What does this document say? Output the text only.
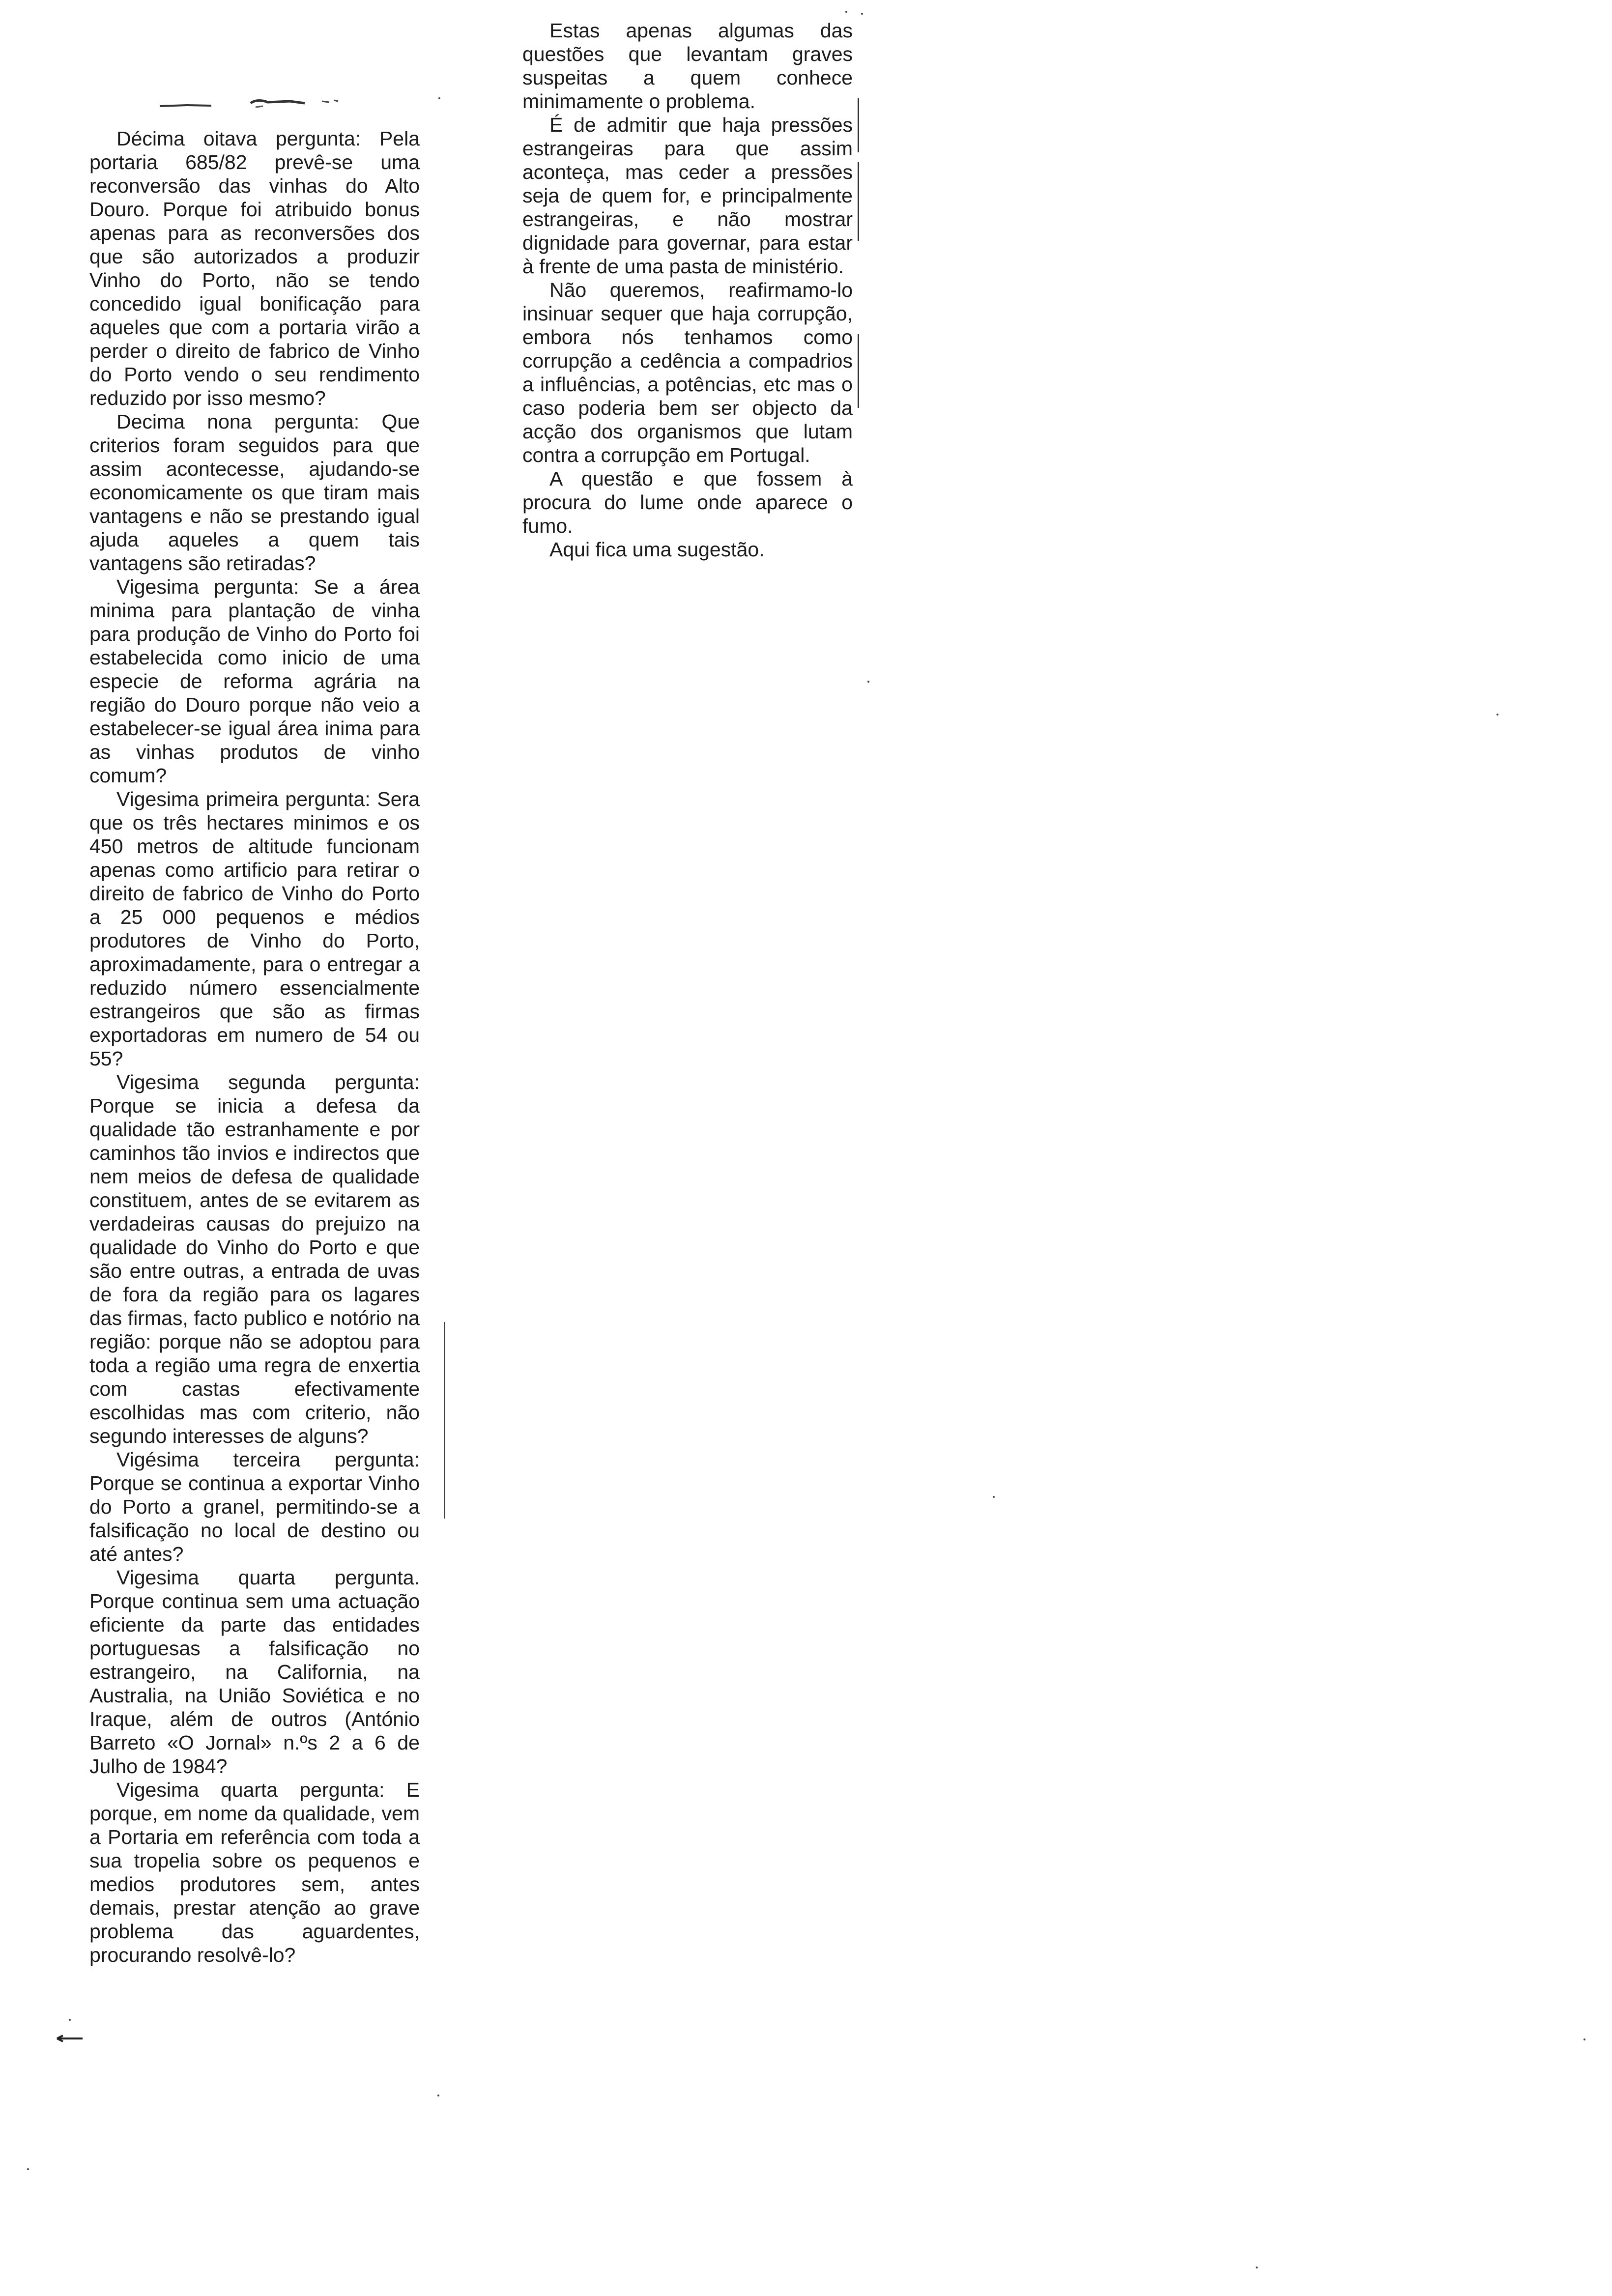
Décima oitava pergunta: Pela portaria 685/82 prevê-se uma reconversão das vinhas do Alto Douro. Porque foi atribuido bonus apenas para as reconversões dos que são autorizados a produzir Vinho do Porto, não se tendo concedido igual bonificação para aqueles que com a portaria virão a perder o direito de fabrico de Vinho do Porto vendo o seu rendimento reduzido por isso mesmo?

Decima nona pergunta: Que criterios foram seguidos para que assim acontecesse, ajudando-se economicamente os que tiram mais vantagens e não se prestando igual ajuda aqueles a quem tais vantagens são retiradas?

Vigesima pergunta: Se a área minima para plantação de vinha para produção de Vinho do Porto foi estabelecida como inicio de uma especie de reforma agrária na região do Douro porque não veio a estabelecer-se igual área inima para as vinhas produtos de vinho comum?

Vigesima primeira pergunta: Sera que os três hectares minimos e os 450 metros de altitude funcionam apenas como artificio para retirar o direito de fabrico de Vinho do Porto a 25 000 pequenos e médios produtores de Vinho do Porto, aproximadamente, para o entregar a reduzido número essencialmente estrangeiros que são as firmas exportadoras em numero de 54 ou 55?

Vigesima segunda pergunta: Porque se inicia a defesa da qualidade tão estranhamente e por caminhos tão invios e indirectos que nem meios de defesa de qualidade constituem, antes de se evitarem as verdadeiras causas do prejuizo na qualidade do Vinho do Porto e que são entre outras, a entrada de uvas de fora da região para os lagares das firmas, facto publico e notório na região: porque não se adoptou para toda a região uma regra de enxertia com castas efectivamente escolhidas mas com criterio, não segundo interesses de alguns?

Vigésima terceira pergunta: Porque se continua a exportar Vinho do Porto a granel, permitindo-se a falsificação no local de destino ou até antes?

Vigesima quarta pergunta. Porque continua sem uma actuação eficiente da parte das entidades portuguesas a falsificação no estrangeiro, na California, na Australia, na União Soviética e no Iraque, além de outros (António Barreto «O Jornal» n.ºs 2 a 6 de Julho de 1984?

Vigesima quarta pergunta: E porque, em nome da qualidade, vem a Portaria em referência com toda a sua tropelia sobre os pequenos e medios produtores sem, antes demais, prestar atenção ao grave problema das aguardentes, procurando resolvê-lo?

Estas apenas algumas das questões que levantam graves suspeitas a quem conhece minimamente o problema.

É de admitir que haja pressões estrangeiras para que assim aconteça, mas ceder a pressões seja de quem for, e principalmente estrangeiras, e não mostrar dignidade para governar, para estar à frente de uma pasta de ministério.

Não queremos, reafirmamo-lo insinuar sequer que haja corrupção, embora nós tenhamos como corrupção a cedência a compadrios a influências, a potências, etc mas o caso poderia bem ser objecto da acção dos organismos que lutam contra a corrupção em Portugal.

A questão e que fossem à procura do lume onde aparece o fumo.

Aqui fica uma sugestão.
